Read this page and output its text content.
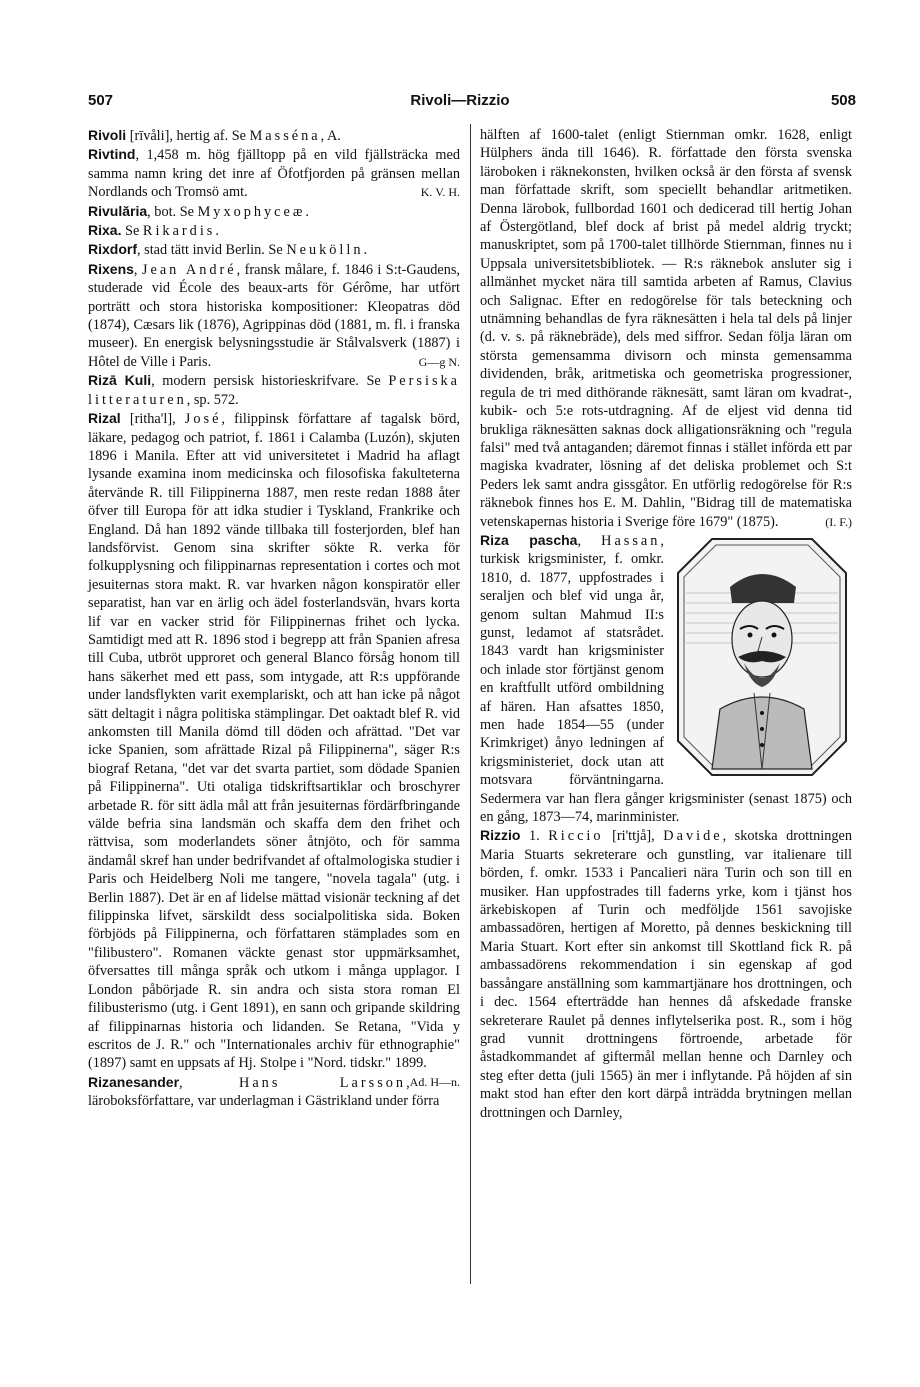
507	Rivoli—Rizzio	508

Rivoli [rīvåli], hertig af. Se Masséna, A.

Rivtind, 1,458 m. hög fjälltopp på en vild fjällsträcka med samma namn kring det inre af Öfotfjorden på gränsen mellan Nordlands och Tromsö amt.	K. V. H.

Rivulăria, bot. Se Myxophyceæ.

Rixa. Se Rikardis.

Rixdorf, stad tätt invid Berlin. Se Neukölln.

Rixens, Jean André, fransk målare, f. 1846 i S:t-Gaudens, studerade vid École des beaux-arts för Gérôme, har utfört porträtt och stora historiska kompositioner: Kleopatras död (1874), Cæsars lik (1876), Agrippinas död (1881, m. fl. i franska museer). En energisk belysningsstudie är Stålvalsverk (1887) i Hôtel de Ville i Paris.	G—g N.

Rizā Kuli, modern persisk historieskrifvare. Se Persiska litteraturen, sp. 572.

Rizal [ritha'l], José, filippinsk författare af tagalsk börd, läkare, pedagog och patriot, f. 1861 i Calamba (Luzón), skjuten 1896 i Manila. Efter att vid universitetet i Madrid ha aflagt lysande examina inom medicinska och filosofiska fakulteterna återvände R. till Filippinerna 1887, men reste redan 1888 åter öfver till Europa för att idka studier i Tyskland, Frankrike och England. Då han 1892 vände tillbaka till fosterjorden, blef han landsförvist. Genom sina skrifter sökte R. verka för folkupplysning och filippinarnas representation i cortes och mot jesuiternas stora makt. R. var hvarken någon konspiratör eller separatist, han var en ärlig och ädel fosterlandsvän, hvars korta lif var en vacker strid för Filippinernas frihet och lycka. Samtidigt med att R. 1896 stod i begrepp att från Spanien afresa till Cuba, utbröt upproret och general Blanco försåg honom till hans säkerhet med ett pass, som intygade, att R:s uppförande under landsflykten varit exemplariskt, och att han icke på något sätt deltagit i några politiska stämplingar. Det oaktadt blef R. vid ankomsten till Manila dömd till döden och afrättad. "Det var icke Spanien, som afrättade Rizal på Filippinerna", säger R:s biograf Retana, "det var det svarta partiet, som dödade Spanien på Filippinerna". Uti otaliga tidskriftsartiklar och broschyrer arbetade R. för sitt ädla mål att från jesuiternas fördärfbringande välde befria sina landsmän och skaffa dem den frihet och rättvisa, som moderlandets söner åtnjöto, och för samma ändamål skref han under bedrifvandet af oftalmologiska studier i Paris och Heidelberg Noli me tangere, "novela tagala" (utg. i Berlin 1887). Det är en af lidelse mättad visionär teckning af det filippinska lifvet, särskildt dess socialpolitiska sida. Boken förbjöds på Filippinerna, och författaren stämplades som en "filibustero". Romanen väckte genast stor uppmärksamhet, öfversattes till många språk och utkom i många upplagor. I London påbörjade R. sin andra och sista stora roman El filibusterismo (utg. i Gent 1891), en sann och gripande skildring af filippinarnas historia och lidanden. Se Retana, "Vida y escritos de J. R." och "Internationales archiv für ethnographie" (1897) samt en uppsats af Hj. Stolpe i "Nord. tidskr." 1899.
Ad. H—n.

Rizanesander, Hans Larsson, läroboksförfattare, var underlagman i Gästrikland under förra

hälften af 1600-talet (enligt Stiernman omkr. 1628, enligt Hülphers ända till 1646). R. författade den första svenska läroboken i räknekonsten, hvilken också är den första af svensk man författade skrift, som speciellt behandlar aritmetiken. Denna lärobok, fullbordad 1601 och dedicerad till hertig Johan af Östergötland, blef dock af brist på medel aldrig tryckt; manuskriptet, som på 1700-talet tillhörde Stiernman, finnes nu i Uppsala universitetsbibliotek. — R:s räknebok ansluter sig i allmänhet mycket nära till samtida arbeten af Ramus, Clavius och Salignac. Efter en redogörelse för tals beteckning och utnämning behandlas de fyra räknesätten i hela tal dels på linjer (d. v. s. på räknebräde), dels med siffror. Sedan följa läran om största gemensamma divisorn och minsta gemensamma dividenden, bråk, aritmetiska och geometriska progressioner, regula de tri med dithörande räknesätt, samt läran om kvadrat-, kubik- och 5:e rots-utdragning. Af de eljest vid denna tid brukliga räknesätten saknas dock alligationsräkning och "regula falsi" med två antaganden; däremot finnas i stället införda ett par magiska kvadrater, lösning af det deliska problemet och S:t Peders lek samt andra gissgåtor. En utförlig redogörelse för R:s räknebok finnes hos E. M. Dahlin, "Bidrag till de matematiska vetenskapernas historia i Sverige före 1679" (1875).	(I. F.)

Riza pascha, Hassan, turkisk krigsminister, f. omkr. 1810, d. 1877, uppfostrades i seraljen och blef vid unga år, genom sultan Mahmud II:s gunst, ledamot af statsrådet. 1843 vardt han krigsminister och inlade stor förtjänst genom en kraftfullt utförd ombildning af hären. Han afsattes 1850, men hade 1854—55 (under Krimkriget) ånyo ledningen af krigsministeriet, dock utan att motsvara förväntningarna. Sedermera var han flera gånger krigsminister (senast 1875) och en gång, 1873—74, marinminister.

Rizzio 1. Riccio [ri'ttjå], Davide, skotska drottningen Maria Stuarts sekreterare och gunstling, var italienare till börden, f. omkr. 1533 i Pancalieri nära Turin och son till en musiker. Han uppfostrades till faderns yrke, kom i tjänst hos ärkebiskopen af Turin och medföljde 1561 savojiske ambassadören, hertigen af Moretto, på dennes beskickning till Maria Stuart. Kort efter sin ankomst till Skottland fick R. på ambassadörens rekommendation i sin egenskap af god bassångare anställning som kammartjänare hos drottningen, och i dec. 1564 efterträdde han hennes då afskedade franske sekreterare Raulet på dennes inflytelserika post. R., som i hög grad vunnit drottningens förtroende, arbetade för åstadkommandet af giftermål mellan henne och Darnley och steg efter detta (juli 1565) än mer i inflytande. På höjden af sin makt stod han efter den kort därpå inträdda brytningen mellan drottningen och Darnley,
